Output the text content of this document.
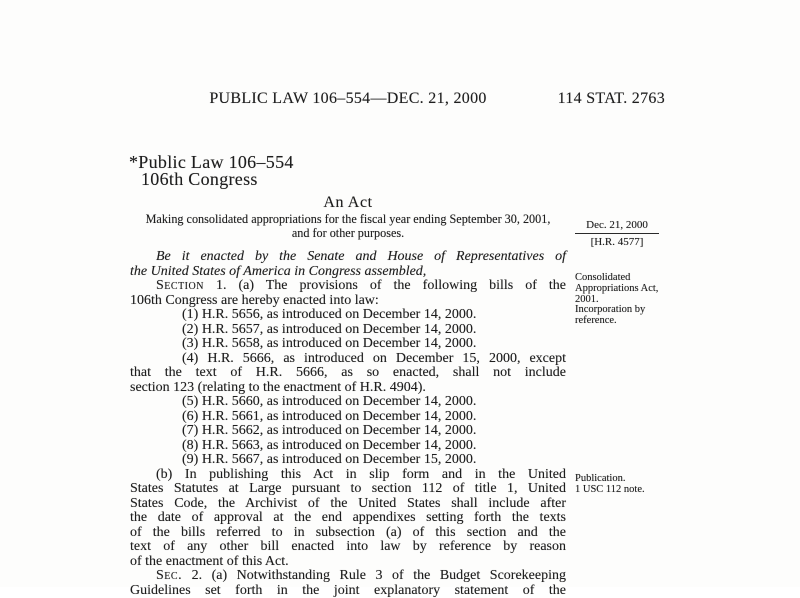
PUBLIC LAW 106–554—DEC. 21, 2000	114 STAT. 2763
*Public Law 106–554
106th Congress
An Act
Making consolidated appropriations for the fiscal year ending September 30, 2001,
and for other purposes.
Dec. 21, 2000
[H.R. 4577]
Consolidated Appropriations Act, 2001.
Incorporation by reference.
Publication.
1 USC 112 note.
Be it enacted by the Senate and House of Representatives of
the United States of America in Congress assembled,
Section 1. (a) The provisions of the following bills of the
106th Congress are hereby enacted into law:
(1) H.R. 5656, as introduced on December 14, 2000.
(2) H.R. 5657, as introduced on December 14, 2000.
(3) H.R. 5658, as introduced on December 14, 2000.
(4) H.R. 5666, as introduced on December 15, 2000, except
that the text of H.R. 5666, as so enacted, shall not include
section 123 (relating to the enactment of H.R. 4904).
(5) H.R. 5660, as introduced on December 14, 2000.
(6) H.R. 5661, as introduced on December 14, 2000.
(7) H.R. 5662, as introduced on December 14, 2000.
(8) H.R. 5663, as introduced on December 14, 2000.
(9) H.R. 5667, as introduced on December 15, 2000.
(b) In publishing this Act in slip form and in the United
States Statutes at Large pursuant to section 112 of title 1, United
States Code, the Archivist of the United States shall include after
the date of approval at the end appendixes setting forth the texts
of the bills referred to in subsection (a) of this section and the
text of any other bill enacted into law by reference by reason
of the enactment of this Act.
Sec. 2. (a) Notwithstanding Rule 3 of the Budget Scorekeeping
Guidelines set forth in the joint explanatory statement of the
